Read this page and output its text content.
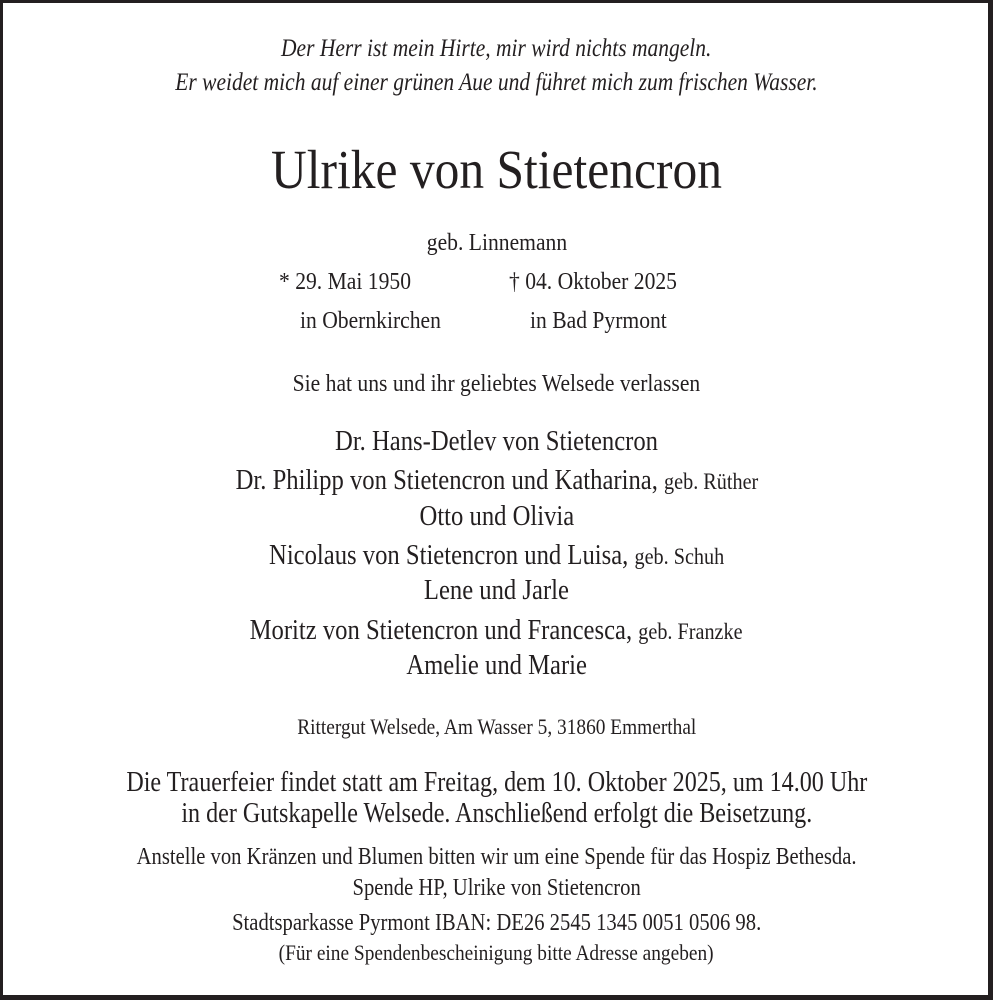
Der Herr ist mein Hirte, mir wird nichts mangeln.
Er weidet mich auf einer grünen Aue und führet mich zum frischen Wasser.
Ulrike von Stietencron
geb. Linnemann
* 29. Mai 1950	† 04. Oktober 2025
in Obernkirchen	in Bad Pyrmont
Sie hat uns und ihr geliebtes Welsede verlassen
Dr. Hans-Detlev von Stietencron
Dr. Philipp von Stietencron und Katharina, geb. Rüther
Otto und Olivia
Nicolaus von Stietencron und Luisa, geb. Schuh
Lene und Jarle
Moritz von Stietencron und Francesca, geb. Franzke
Amelie und Marie
Rittergut Welsede, Am Wasser 5, 31860 Emmerthal
Die Trauerfeier findet statt am Freitag, dem 10. Oktober 2025, um 14.00 Uhr
in der Gutskapelle Welsede. Anschließend erfolgt die Beisetzung.
Anstelle von Kränzen und Blumen bitten wir um eine Spende für das Hospiz Bethesda.
Spende HP, Ulrike von Stietencron
Stadtsparkasse Pyrmont IBAN: DE26 2545 1345 0051 0506 98.
(Für eine Spendenbescheinigung bitte Adresse angeben)
